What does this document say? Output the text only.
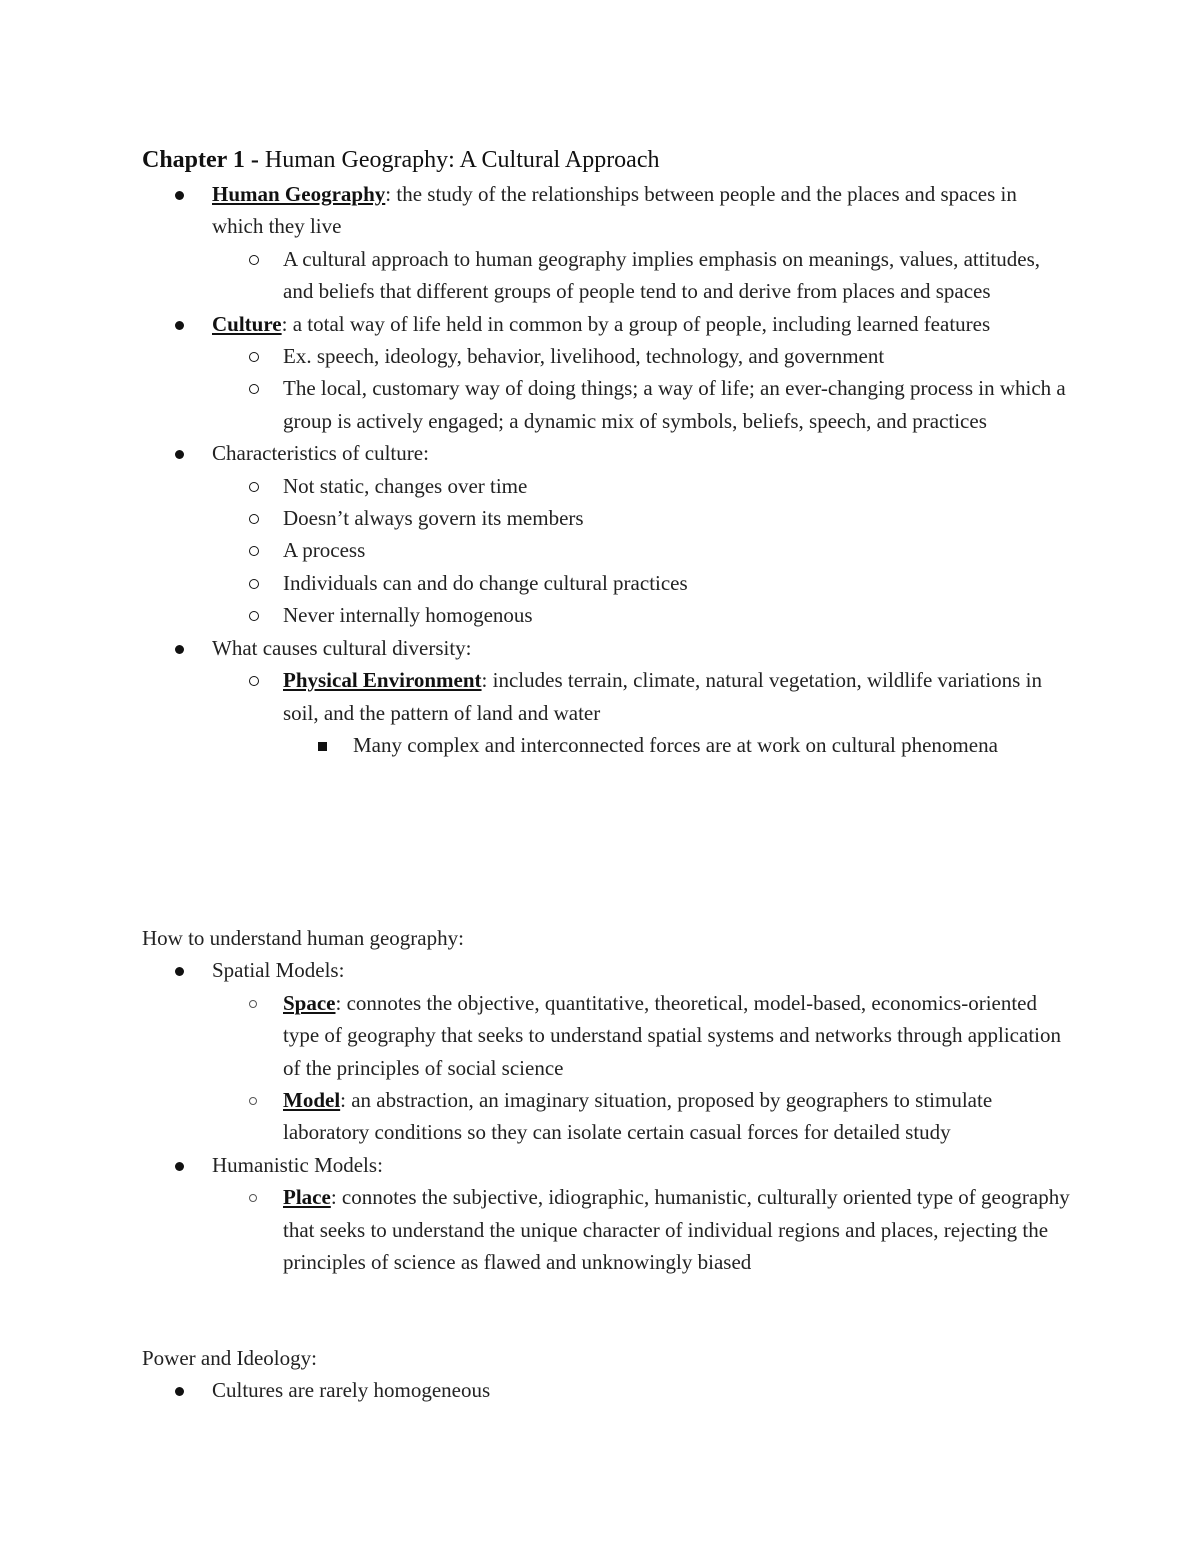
Chapter 1 - Human Geography: A Cultural Approach
Human Geography: the study of the relationships between people and the places and spaces in which they live
A cultural approach to human geography implies emphasis on meanings, values, attitudes, and beliefs that different groups of people tend to and derive from places and spaces
Culture: a total way of life held in common by a group of people, including learned features
Ex. speech, ideology, behavior, livelihood, technology, and government
The local, customary way of doing things; a way of life; an ever-changing process in which a group is actively engaged; a dynamic mix of symbols, beliefs, speech, and practices
Characteristics of culture:
Not static, changes over time
Doesn’t always govern its members
A process
Individuals can and do change cultural practices
Never internally homogenous
What causes cultural diversity:
Physical Environment: includes terrain, climate, natural vegetation, wildlife variations in soil, and the pattern of land and water
Many complex and interconnected forces are at work on cultural phenomena

How to understand human geography:

Spatial Models:
Space: connotes the objective, quantitative, theoretical, model-based, economics-oriented type of geography that seeks to understand spatial systems and networks through application of the principles of social science
Model: an abstraction, an imaginary situation, proposed by geographers to stimulate laboratory conditions so they can isolate certain casual forces for detailed study
Humanistic Models:
Place: connotes the subjective, idiographic, humanistic, culturally oriented type of geography that seeks to understand the unique character of individual regions and places, rejecting the principles of science as flawed and unknowingly biased

Power and Ideology:

Cultures are rarely homogeneous
